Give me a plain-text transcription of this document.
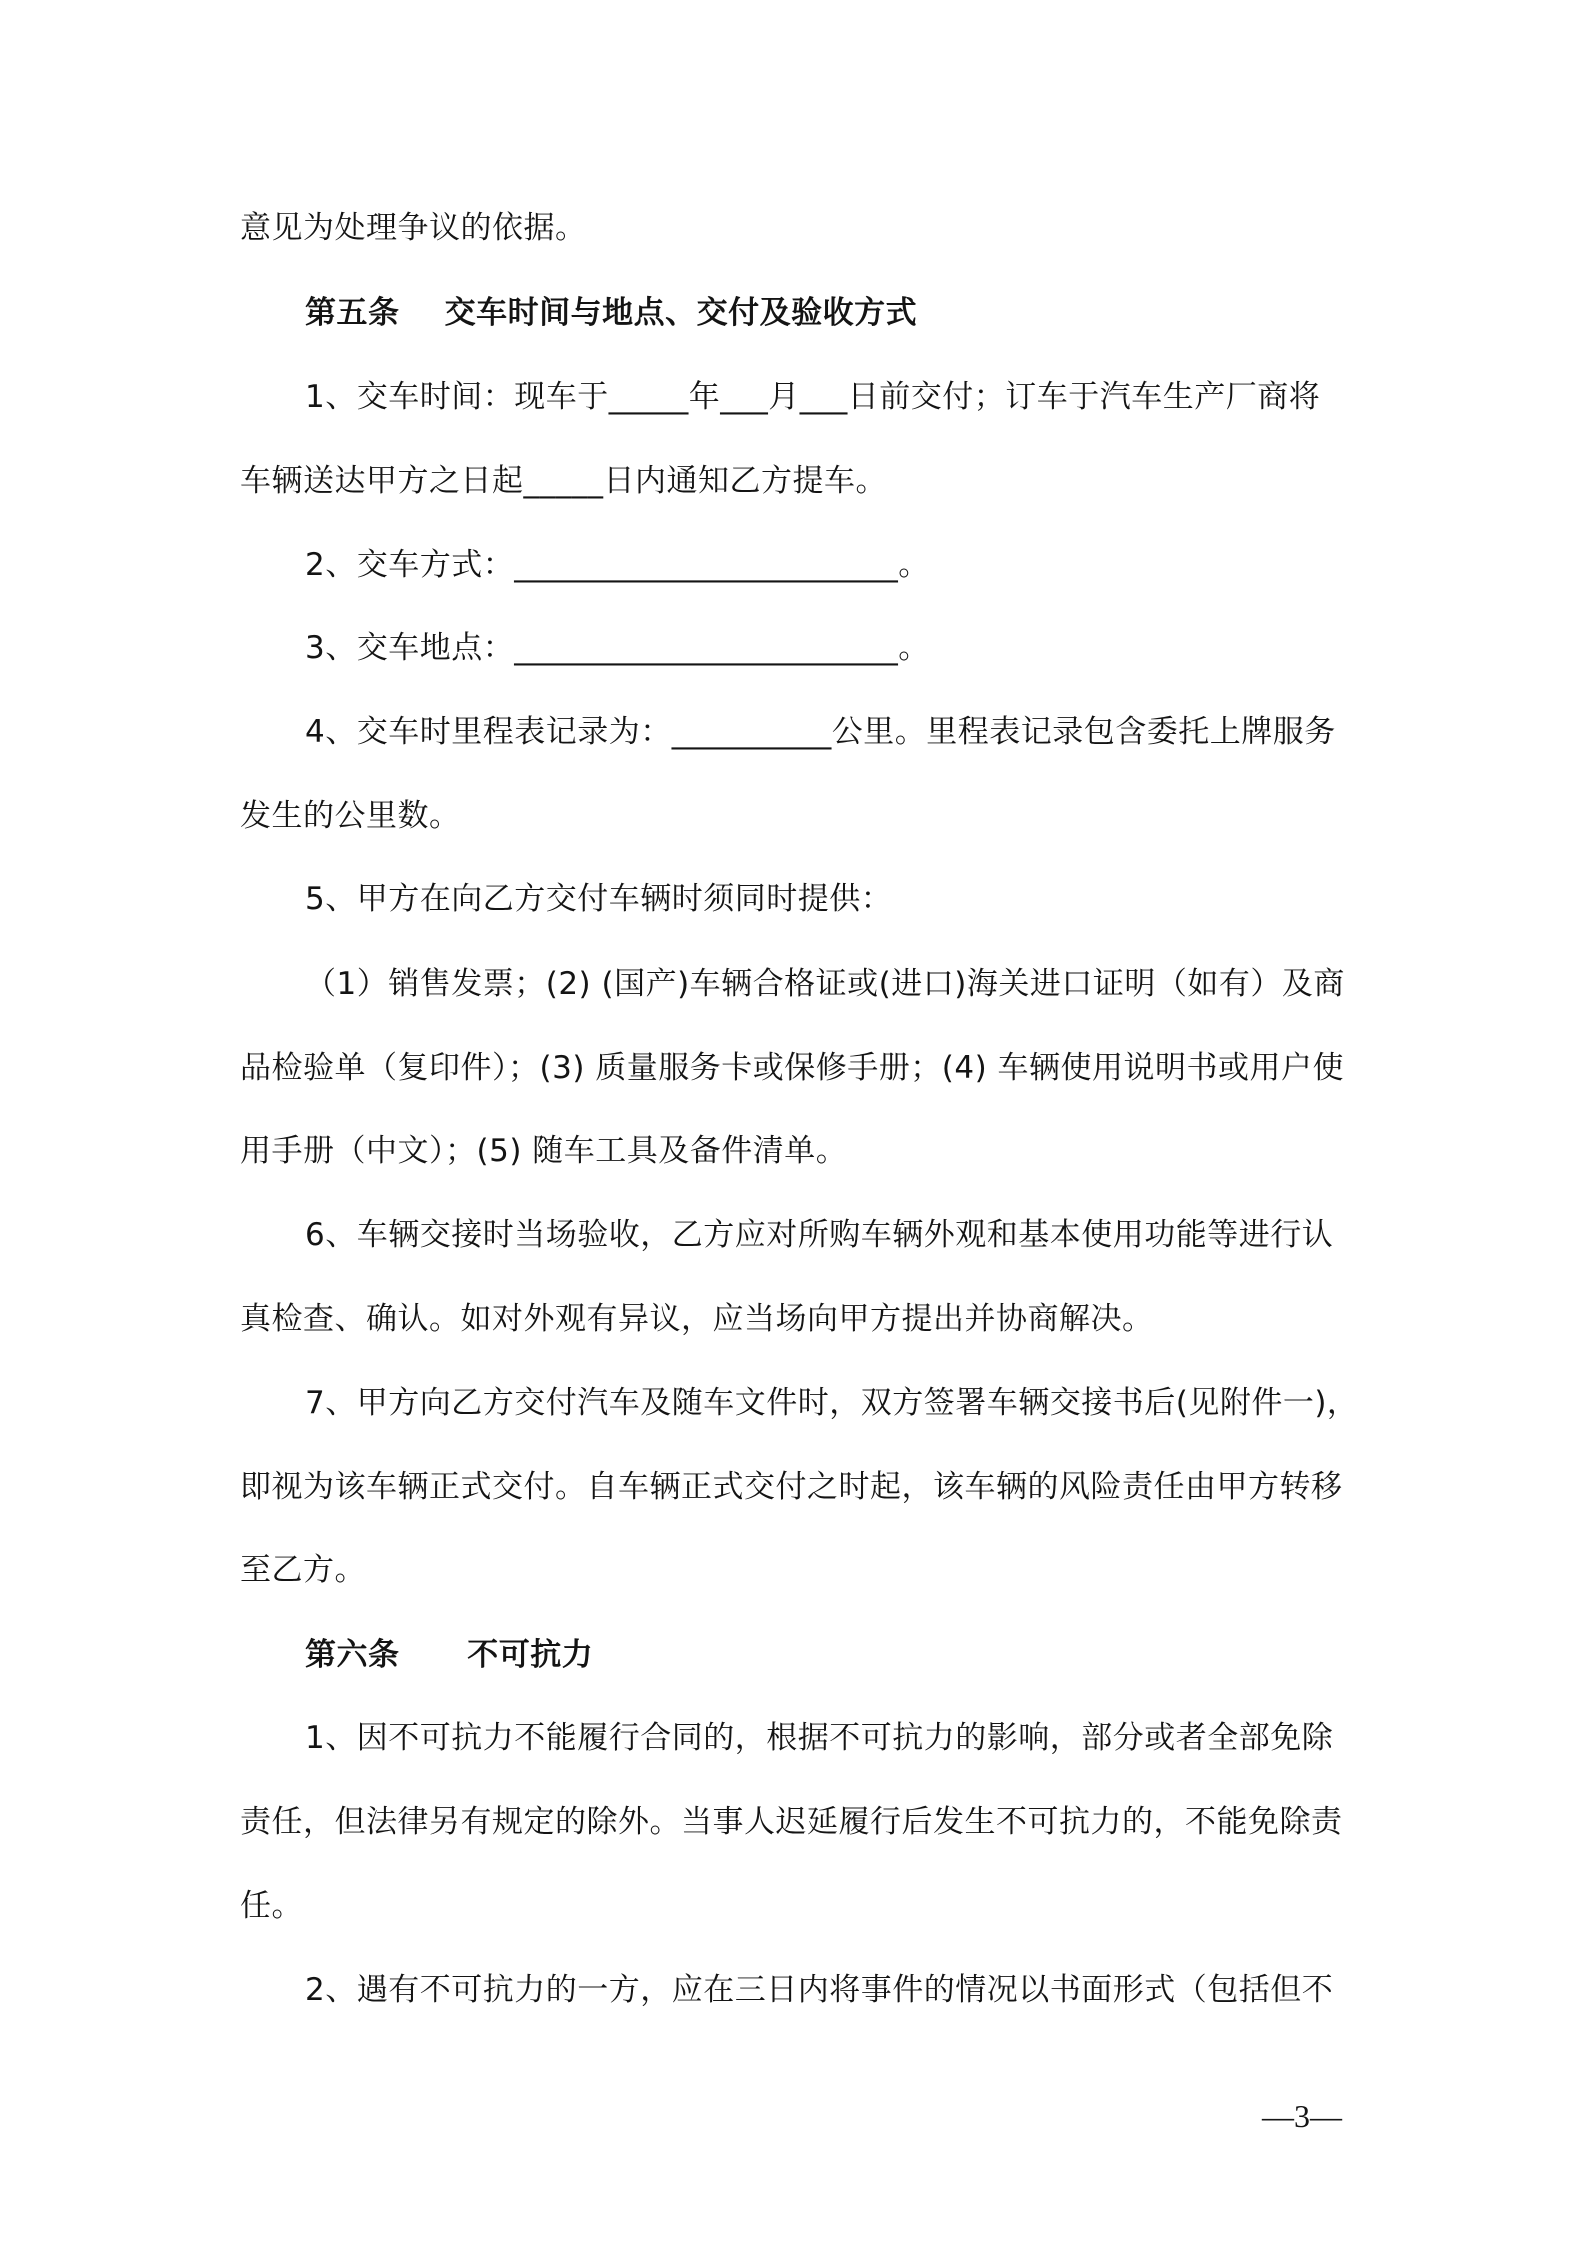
意见为处理争议的依据。
第五条    交车时间与地点、交付及验收方式
1、交车时间：现车于_____年___月___日前交付；订车于汽车生产厂商将
车辆送达甲方之日起_____日内通知乙方提车。
2、交车方式：________________________。
3、交车地点：________________________。
4、交车时里程表记录为：__________公里。里程表记录包含委托上牌服务
发生的公里数。
5、甲方在向乙方交付车辆时须同时提供：
（1）销售发票；(2) (国产)车辆合格证或(进口)海关进口证明（如有）及商
品检验单（复印件）；(3) 质量服务卡或保修手册；(4) 车辆使用说明书或用户使
用手册（中文）；(5) 随车工具及备件清单。
6、车辆交接时当场验收，乙方应对所购车辆外观和基本使用功能等进行认
真检查、确认。如对外观有异议，应当场向甲方提出并协商解决。
7、甲方向乙方交付汽车及随车文件时，双方签署车辆交接书后(见附件一)，
即视为该车辆正式交付。自车辆正式交付之时起，该车辆的风险责任由甲方转移
至乙方。
第六条      不可抗力
1、因不可抗力不能履行合同的，根据不可抗力的影响，部分或者全部免除
责任，但法律另有规定的除外。当事人迟延履行后发生不可抗力的，不能免除责
任。
2、遇有不可抗力的一方，应在三日内将事件的情况以书面形式（包括但不
—3—
